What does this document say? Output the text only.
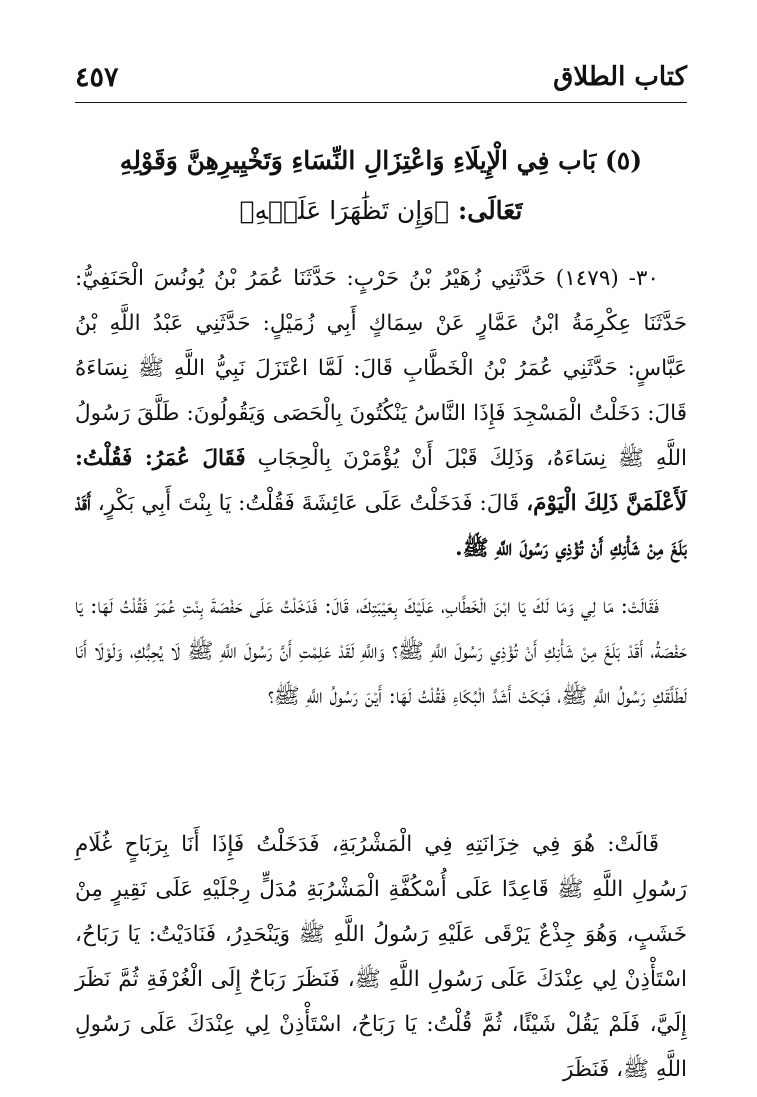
كتاب الطلاق
٤٥٧
(٥) بَاب فِي الْإِيلَاءِ وَاعْتِزَالِ النِّسَاءِ وَتَخْيِيرِهِنَّ وَقَوْلِهِ
تَعَالَى: ﴿وَإِن تَظَٰهَرَا عَلَيۡهِ﴾

٣٠- (١٤٧٩) حَدَّثَنِي زُهَيْرُ بْنُ حَرْبٍ: حَدَّثَنَا عُمَرُ بْنُ يُونُسَ الْحَنَفِيُّ: حَدَّثَنَا عِكْرِمَةُ ابْنُ عَمَّارٍ عَنْ سِمَاكٍ أَبِي زُمَيْلٍ: حَدَّثَنِي عَبْدُ اللَّهِ بْنُ عَبَّاسٍ: حَدَّثَنِي عُمَرُ بْنُ الْخَطَّابِ قَالَ: لَمَّا اعْتَزَلَ نَبِيُّ اللَّهِ ﷺ نِسَاءَهُ قَالَ: دَخَلْتُ الْمَسْجِدَ فَإِذَا النَّاسُ يَنْكُتُونَ بِالْحَصَى وَيَقُولُونَ: طَلَّقَ رَسُولُ اللَّهِ ﷺ نِسَاءَهُ، وَذَلِكَ قَبْلَ أَنْ يُؤْمَرْنَ بِالْحِجَابِ فَقَالَ عُمَرُ: فَقُلْتُ: لَأَعْلَمَنَّ ذَلِكَ الْيَوْمَ، قَالَ: فَدَخَلْتُ عَلَى عَائِشَةَ فَقُلْتُ: يَا بِنْتَ أَبِي بَكْرٍ، أَقَدْ بَلَغَ مِنْ شَأْنِكِ أَنْ تُؤْذِي رَسُولَ اللَّهِ ﷺ.

فَقَالَتْ: مَا لِي وَمَا لَكَ يَا ابْنَ الْخَطَّابِ، عَلَيْكَ بِعَيْبَتِكَ، قَالَ: فَدَخَلْتُ عَلَى حَفْصَةَ بِنْتِ عُمَرَ فَقُلْتُ لَهَا: يَا حَفْصَةُ، أَقَدْ بَلَغَ مِنْ شَأْنِكِ أَنْ تُؤْذِي رَسُولَ اللَّهِ ﷺ؟ وَاللَّهِ لَقَدْ عَلِمْتِ أَنَّ رَسُولَ اللَّهِ ﷺ لَا يُحِبُّكِ، وَلَوْلَا أَنَا لَطَلَّقَكِ رَسُولُ اللَّهِ ﷺ، فَبَكَتْ أَشَدَّ الْبُكَاءِ فَقُلْتُ لَهَا: أَيْنَ رَسُولُ اللَّهِ ﷺ؟

قَالَتْ: هُوَ فِي خِزَانَتِهِ فِي الْمَشْرُبَةِ، فَدَخَلْتُ فَإِذَا أَنَا بِرَبَاحٍ غُلَامِ رَسُولِ اللَّهِ ﷺ قَاعِدًا عَلَى أُسْكُفَّةِ الْمَشْرُبَةِ مُدَلٍّ رِجْلَيْهِ عَلَى نَقِيرٍ مِنْ خَشَبٍ، وَهُوَ جِذْعٌ يَرْقَى عَلَيْهِ رَسُولُ اللَّهِ ﷺ وَيَنْحَدِرُ، فَنَادَيْتُ: يَا رَبَاحُ، اسْتَأْذِنْ لِي عِنْدَكَ عَلَى رَسُولِ اللَّهِ ﷺ، فَنَظَرَ رَبَاحٌ إِلَى الْغُرْفَةِ ثُمَّ نَظَرَ إِلَيَّ، فَلَمْ يَقُلْ شَيْئًا، ثُمَّ قُلْتُ: يَا رَبَاحُ، اسْتَأْذِنْ لِي عِنْدَكَ عَلَى رَسُولِ اللَّهِ ﷺ، فَنَظَرَ
